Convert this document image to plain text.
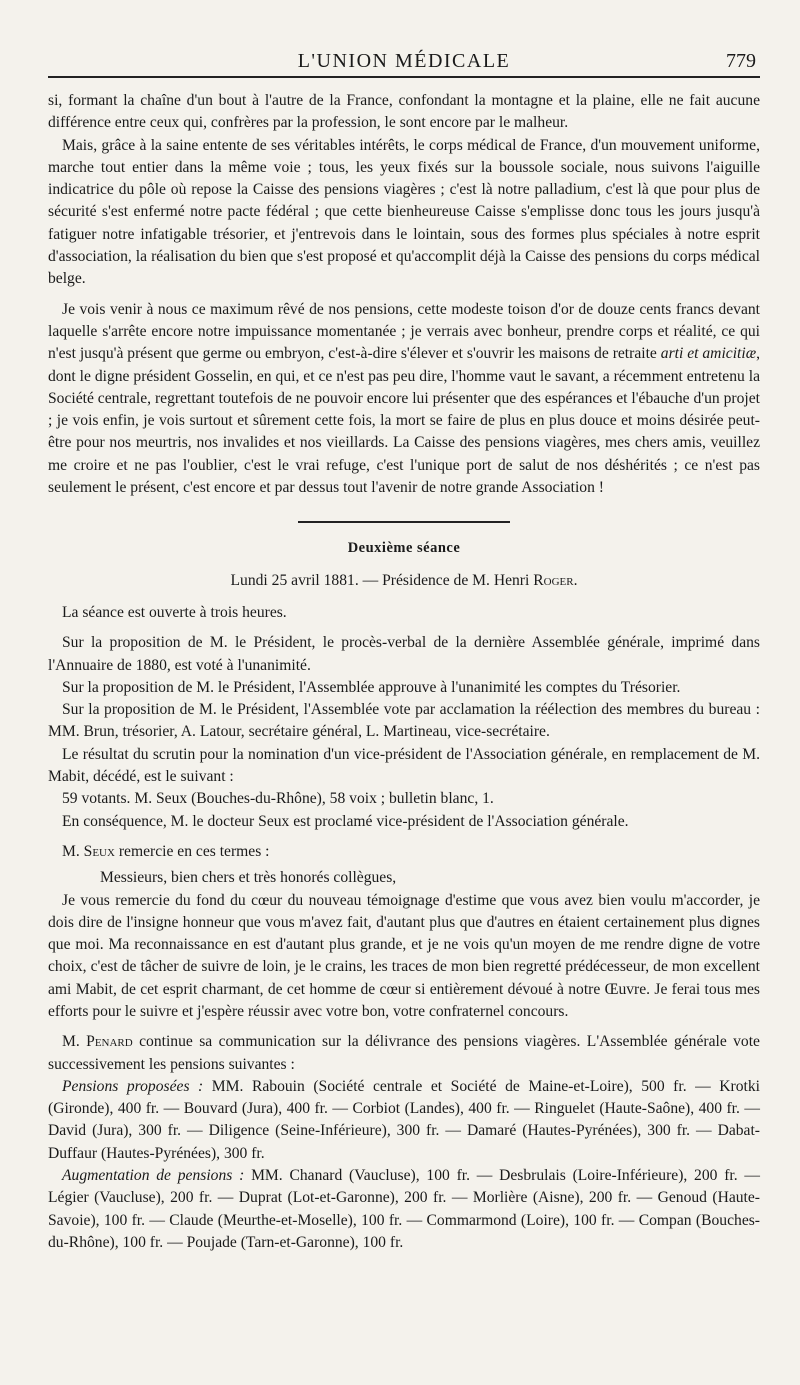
L'UNION MÉDICALE	779

si, formant la chaîne d'un bout à l'autre de la France, confondant la montagne et la plaine, elle ne fait aucune différence entre ceux qui, confrères par la profession, le sont encore par le malheur.

Mais, grâce à la saine entente de ses véritables intérêts, le corps médical de France, d'un mouvement uniforme, marche tout entier dans la même voie ; tous, les yeux fixés sur la boussole sociale, nous suivons l'aiguille indicatrice du pôle où repose la Caisse des pensions viagères ; c'est là notre palladium, c'est là que pour plus de sécurité s'est enfermé notre pacte fédéral ; que cette bienheureuse Caisse s'emplisse donc tous les jours jusqu'à fatiguer notre infatigable trésorier, et j'entrevois dans le lointain, sous des formes plus spéciales à notre esprit d'association, la réalisation du bien que s'est proposé et qu'accomplit déjà la Caisse des pensions du corps médical belge.

Je vois venir à nous ce maximum rêvé de nos pensions, cette modeste toison d'or de douze cents francs devant laquelle s'arrête encore notre impuissance momentanée ; je verrais avec bonheur, prendre corps et réalité, ce qui n'est jusqu'à présent que germe ou embryon, c'est-à-dire s'élever et s'ouvrir les maisons de retraite arti et amicitiæ, dont le digne président Gosselin, en qui, et ce n'est pas peu dire, l'homme vaut le savant, a récemment entretenu la Société centrale, regrettant toutefois de ne pouvoir encore lui présenter que des espérances et l'ébauche d'un projet ; je vois enfin, je vois surtout et sûrement cette fois, la mort se faire de plus en plus douce et moins désirée peut-être pour nos meurtris, nos invalides et nos vieillards. La Caisse des pensions viagères, mes chers amis, veuillez me croire et ne pas l'oublier, c'est le vrai refuge, c'est l'unique port de salut de nos déshérités ; ce n'est pas seulement le présent, c'est encore et par dessus tout l'avenir de notre grande Association !

Deuxième séance
Lundi 25 avril 1881. — Présidence de M. Henri Roger.

La séance est ouverte à trois heures.

Sur la proposition de M. le Président, le procès-verbal de la dernière Assemblée générale, imprimé dans l'Annuaire de 1880, est voté à l'unanimité.

Sur la proposition de M. le Président, l'Assemblée approuve à l'unanimité les comptes du Trésorier.

Sur la proposition de M. le Président, l'Assemblée vote par acclamation la réélection des membres du bureau : MM. Brun, trésorier, A. Latour, secrétaire général, L. Martineau, vice-secrétaire.

Le résultat du scrutin pour la nomination d'un vice-président de l'Association générale, en remplacement de M. Mabit, décédé, est le suivant :

59 votants. M. Seux (Bouches-du-Rhône), 58 voix ; bulletin blanc, 1.

En conséquence, M. le docteur Seux est proclamé vice-président de l'Association générale.

M. Seux remercie en ces termes :

Messieurs, bien chers et très honorés collègues,

Je vous remercie du fond du cœur du nouveau témoignage d'estime que vous avez bien voulu m'accorder, je dois dire de l'insigne honneur que vous m'avez fait, d'autant plus que d'autres en étaient certainement plus dignes que moi. Ma reconnaissance en est d'autant plus grande, et je ne vois qu'un moyen de me rendre digne de votre choix, c'est de tâcher de suivre de loin, je le crains, les traces de mon bien regretté prédécesseur, de mon excellent ami Mabit, de cet esprit charmant, de cet homme de cœur si entièrement dévoué à notre Œuvre. Je ferai tous mes efforts pour le suivre et j'espère réussir avec votre bon, votre confraternel concours.

M. Penard continue sa communication sur la délivrance des pensions viagères. L'Assemblée générale vote successivement les pensions suivantes :

Pensions proposées : MM. Rabouin (Société centrale et Société de Maine-et-Loire), 500 fr. — Krotki (Gironde), 400 fr. — Bouvard (Jura), 400 fr. — Corbiot (Landes), 400 fr. — Ringuelet (Haute-Saône), 400 fr. — David (Jura), 300 fr. — Diligence (Seine-Inférieure), 300 fr. — Damaré (Hautes-Pyrénées), 300 fr. — Dabat-Duffaur (Hautes-Pyrénées), 300 fr.

Augmentation de pensions : MM. Chanard (Vaucluse), 100 fr. — Desbrulais (Loire-Inférieure), 200 fr. — Légier (Vaucluse), 200 fr. — Duprat (Lot-et-Garonne), 200 fr. — Morlière (Aisne), 200 fr. — Genoud (Haute-Savoie), 100 fr. — Claude (Meurthe-et-Moselle), 100 fr. — Commarmond (Loire), 100 fr. — Compan (Bouches-du-Rhône), 100 fr. — Poujade (Tarn-et-Garonne), 100 fr.
